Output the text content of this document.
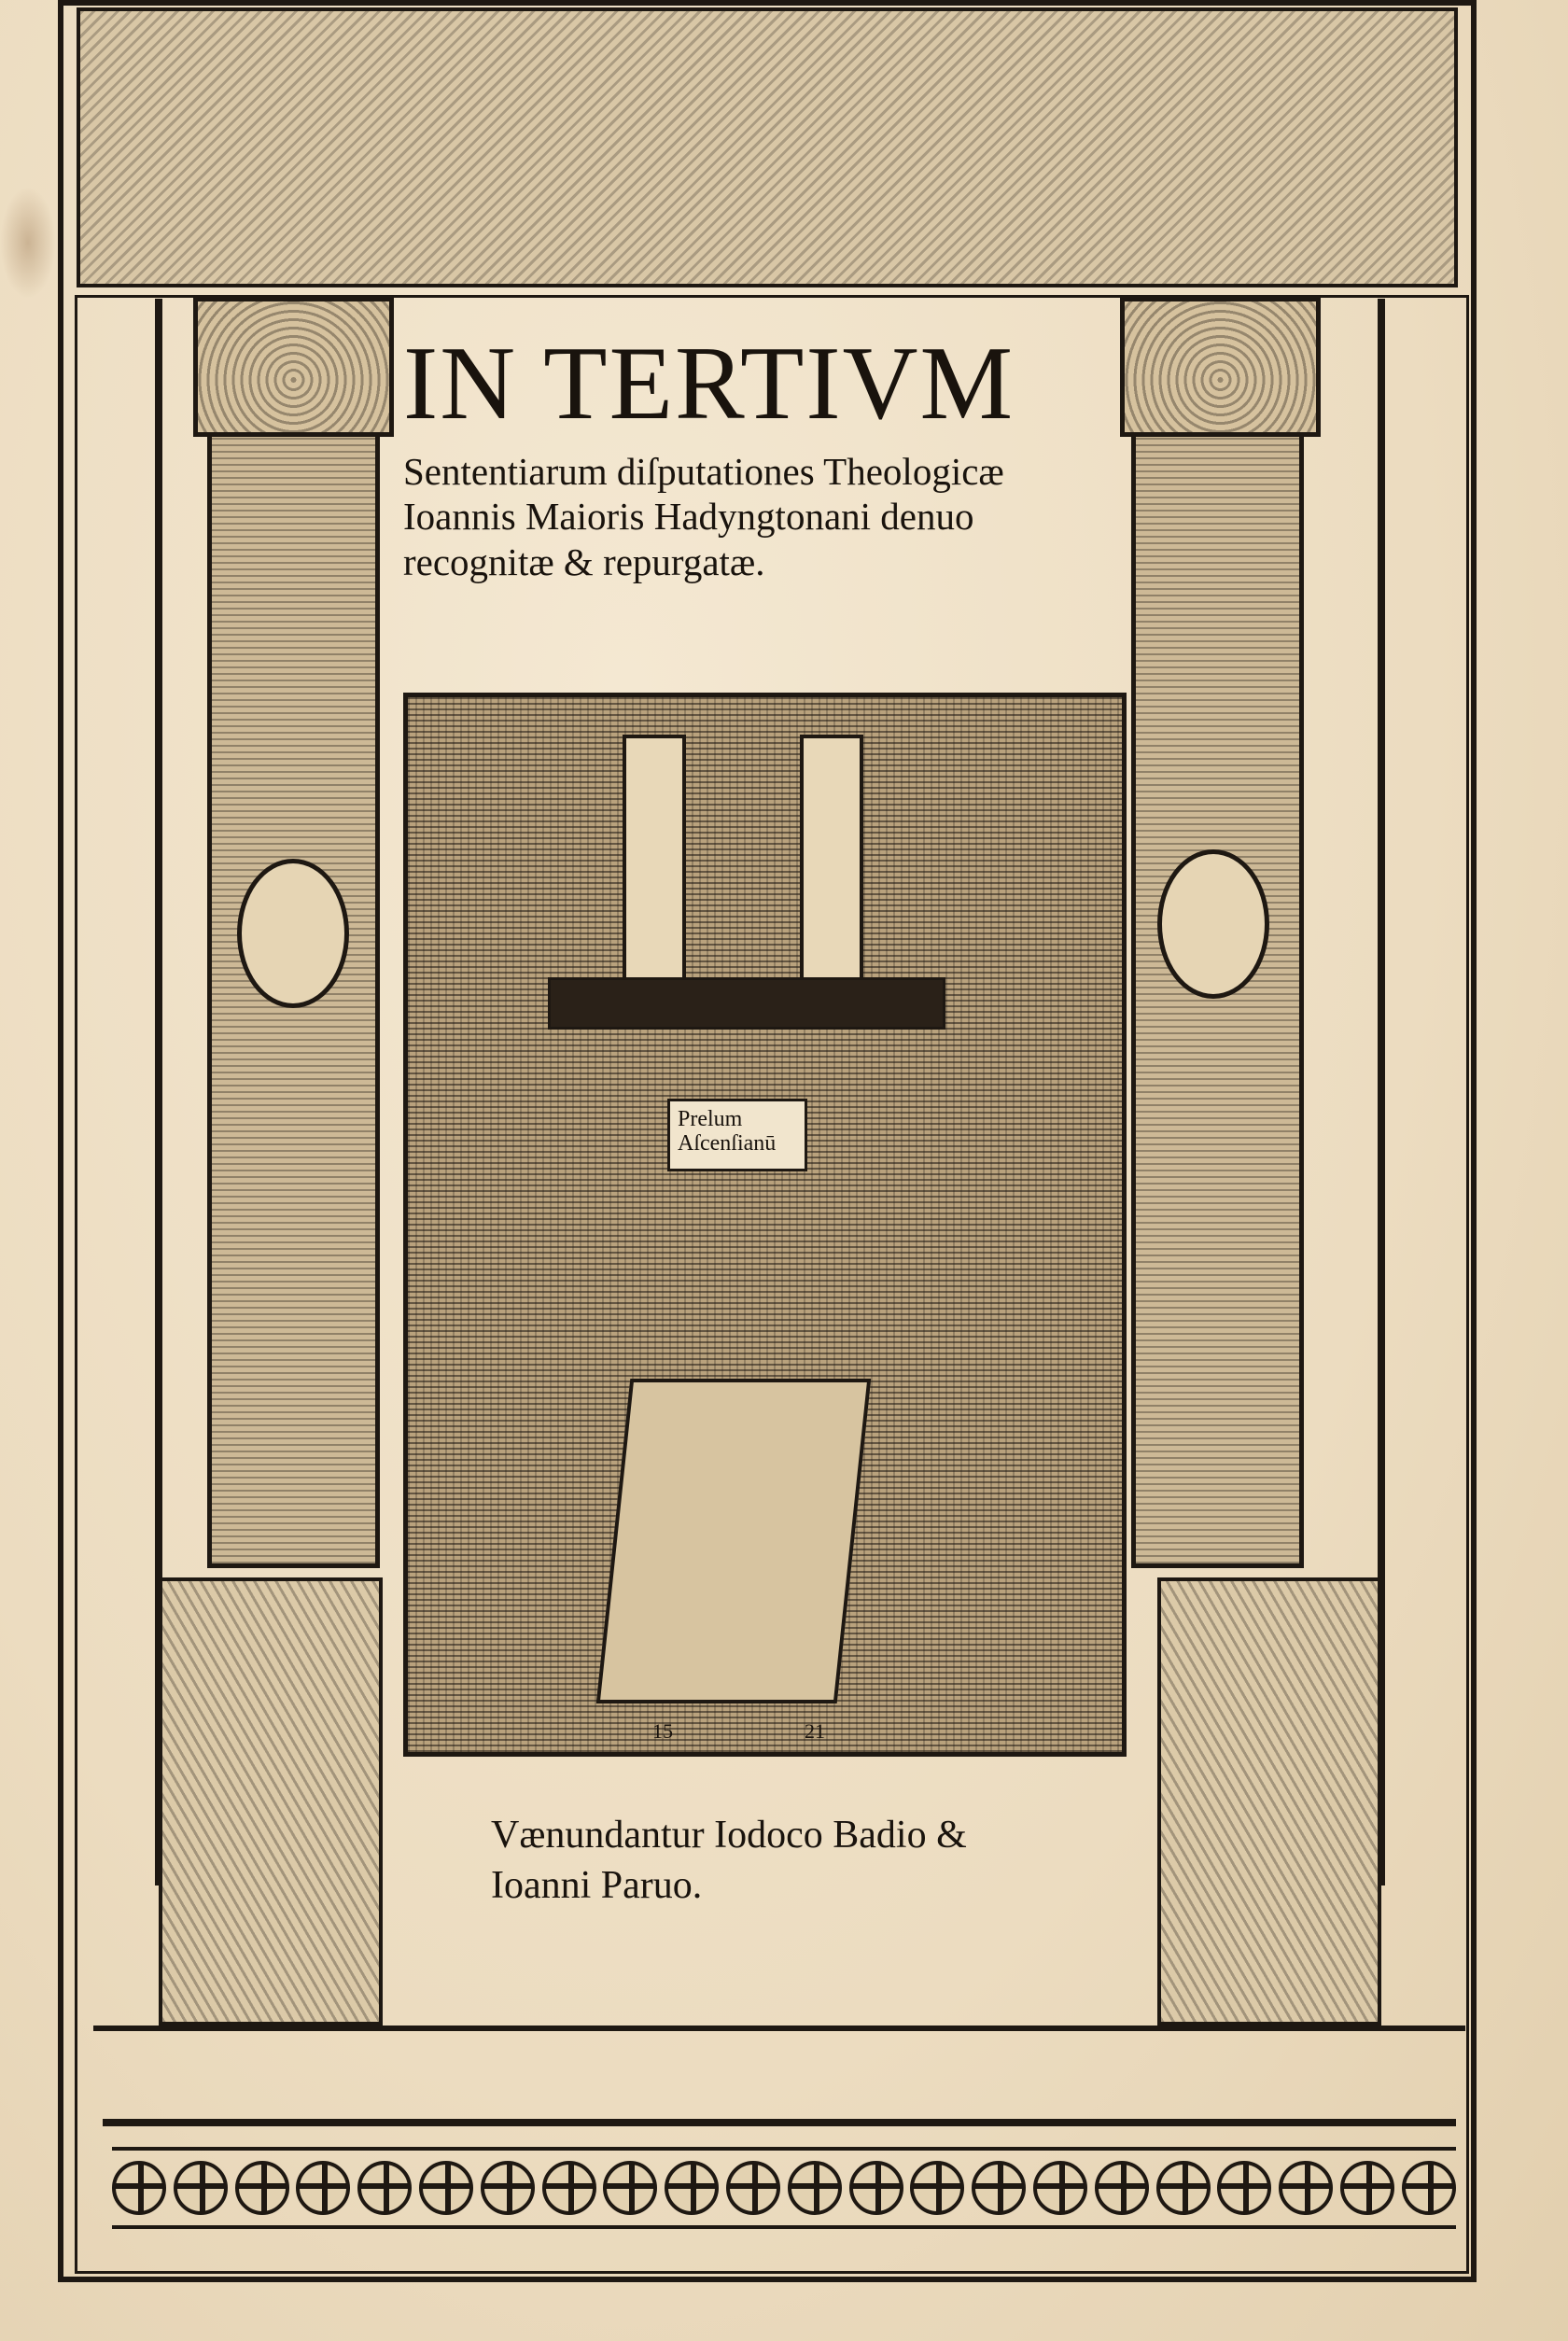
IN TERTIVM

Sententiarum diſputationes Theologicæ

Ioannis Maioris Hadyngtonani denuo

recognitæ & repurgatæ.

Prelum
Aſcenſianū
15	21

Vænundantur Iodoco Badio &

Ioanni Paruo.
